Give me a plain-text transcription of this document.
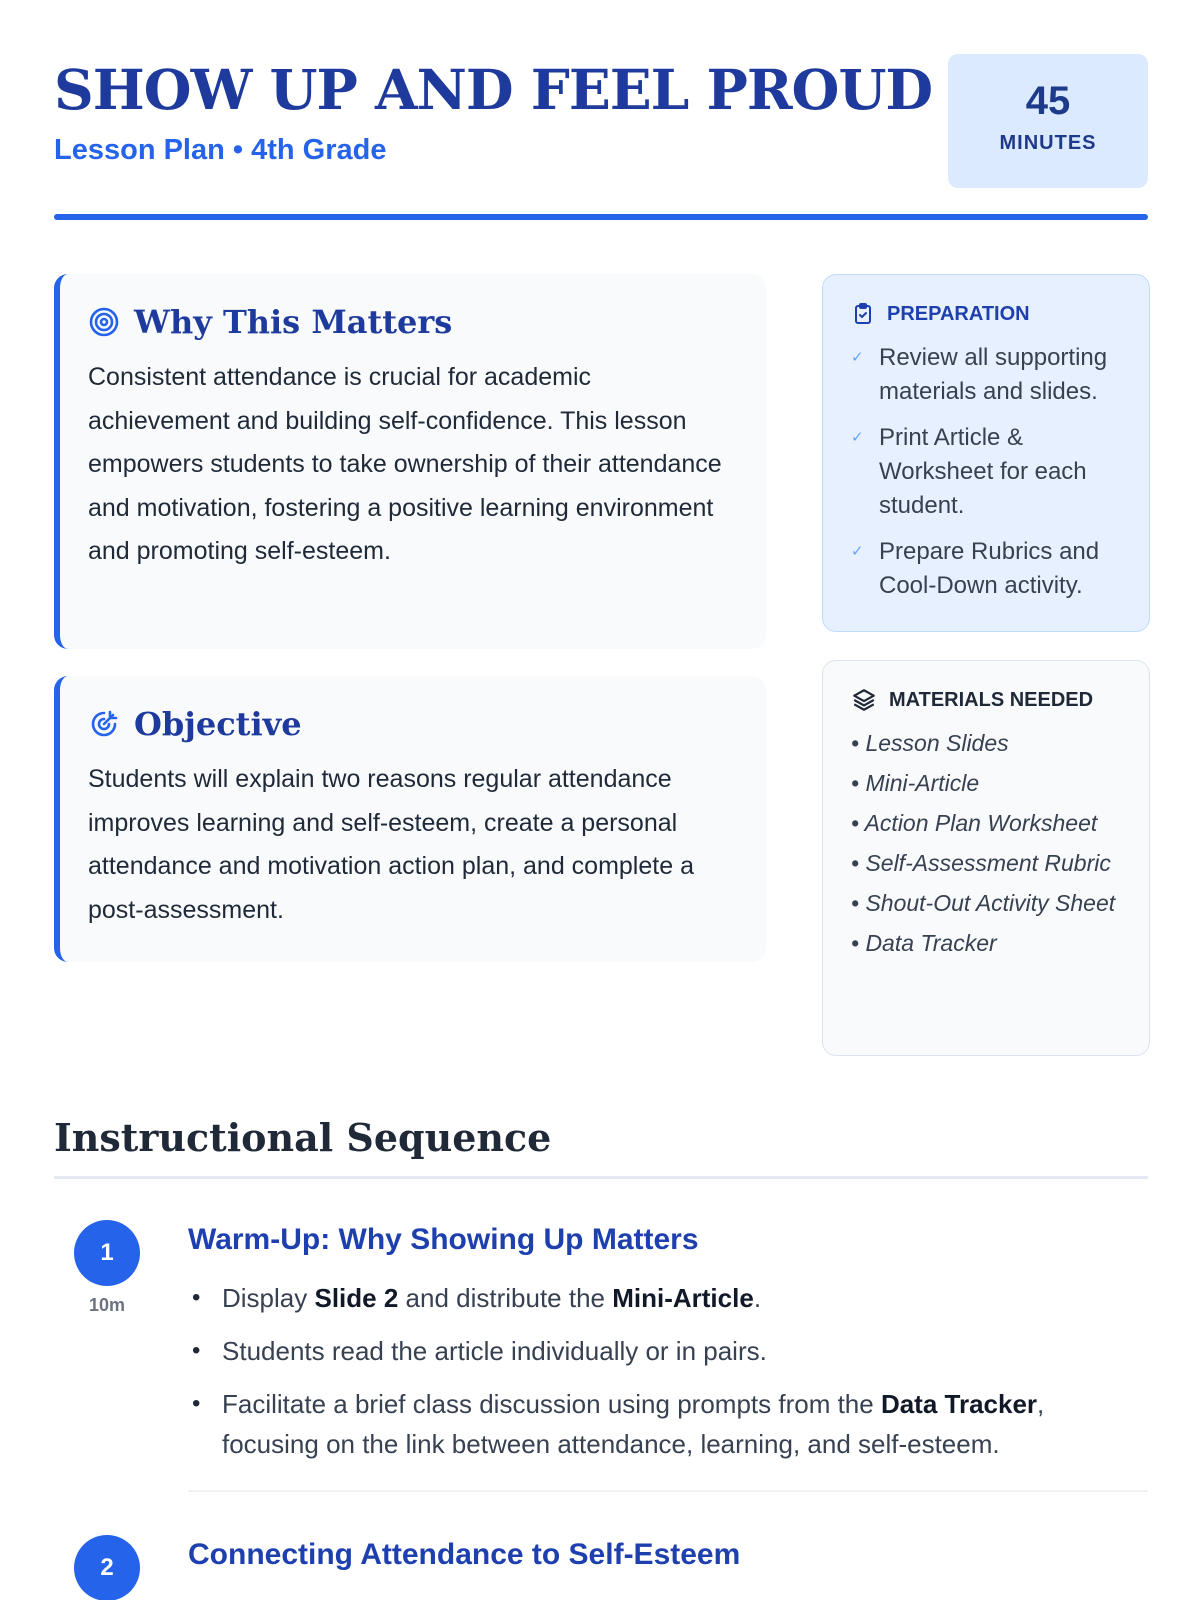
SHOW UP AND FEEL PROUD
Lesson Plan • 4th Grade
45
MINUTES
Why This Matters

Consistent attendance is crucial for academic achievement and building self-confidence. This lesson empowers students to take ownership of their attendance and motivation, fostering a positive learning environment and promoting self-esteem.

Objective

Students will explain two reasons regular attendance improves learning and self-esteem, create a personal attendance and motivation action plan, and complete a post-assessment.

PREPARATION
✓ Review all supporting materials and slides.
✓ Print Article & Worksheet for each student.
✓ Prepare Rubrics and Cool-Down activity.
MATERIALS NEEDED
• Lesson Slides
• Mini-Article
• Action Plan Worksheet
• Self-Assessment Rubric
• Shout-Out Activity Sheet
• Data Tracker
Instructional Sequence
1
10m
Warm-Up: Why Showing Up Matters
• Display Slide 2 and distribute the Mini-Article.
• Students read the article individually or in pairs.
• Facilitate a brief class discussion using prompts from the Data Tracker, focusing on the link between attendance, learning, and self-esteem.
2	Connecting Attendance to Self-Esteem
